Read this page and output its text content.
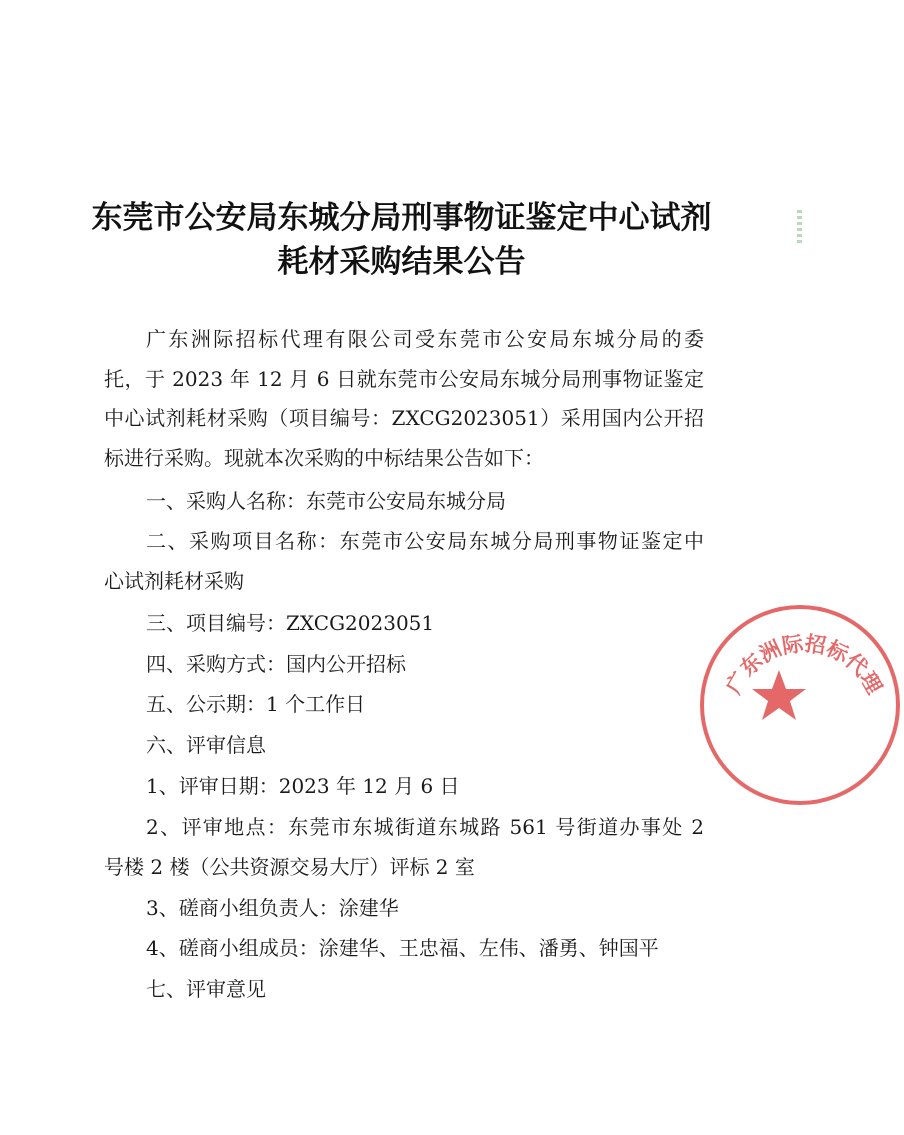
东莞市公安局东城分局刑事物证鉴定中心试剂
耗材采购结果公告
广东洲际招标代理有限公司受东莞市公安局东城分局的委
托，于 2023 年 12 月 6 日就东莞市公安局东城分局刑事物证鉴定
中心试剂耗材采购（项目编号：ZXCG2023051）采用国内公开招
标进行采购。现就本次采购的中标结果公告如下：
一、采购人名称：东莞市公安局东城分局
二、采购项目名称：东莞市公安局东城分局刑事物证鉴定中
心试剂耗材采购
三、项目编号：ZXCG2023051
四、采购方式：国内公开招标
五、公示期：1 个工作日
六、评审信息
1、评审日期：2023 年 12 月 6 日
2、评审地点：东莞市东城街道东城路 561 号街道办事处 2
号楼 2 楼（公共资源交易大厅）评标 2 室
3、磋商小组负责人：涂建华
4、磋商小组成员：涂建华、王忠福、左伟、潘勇、钟国平
七、评审意见
广东洲际招标代理
